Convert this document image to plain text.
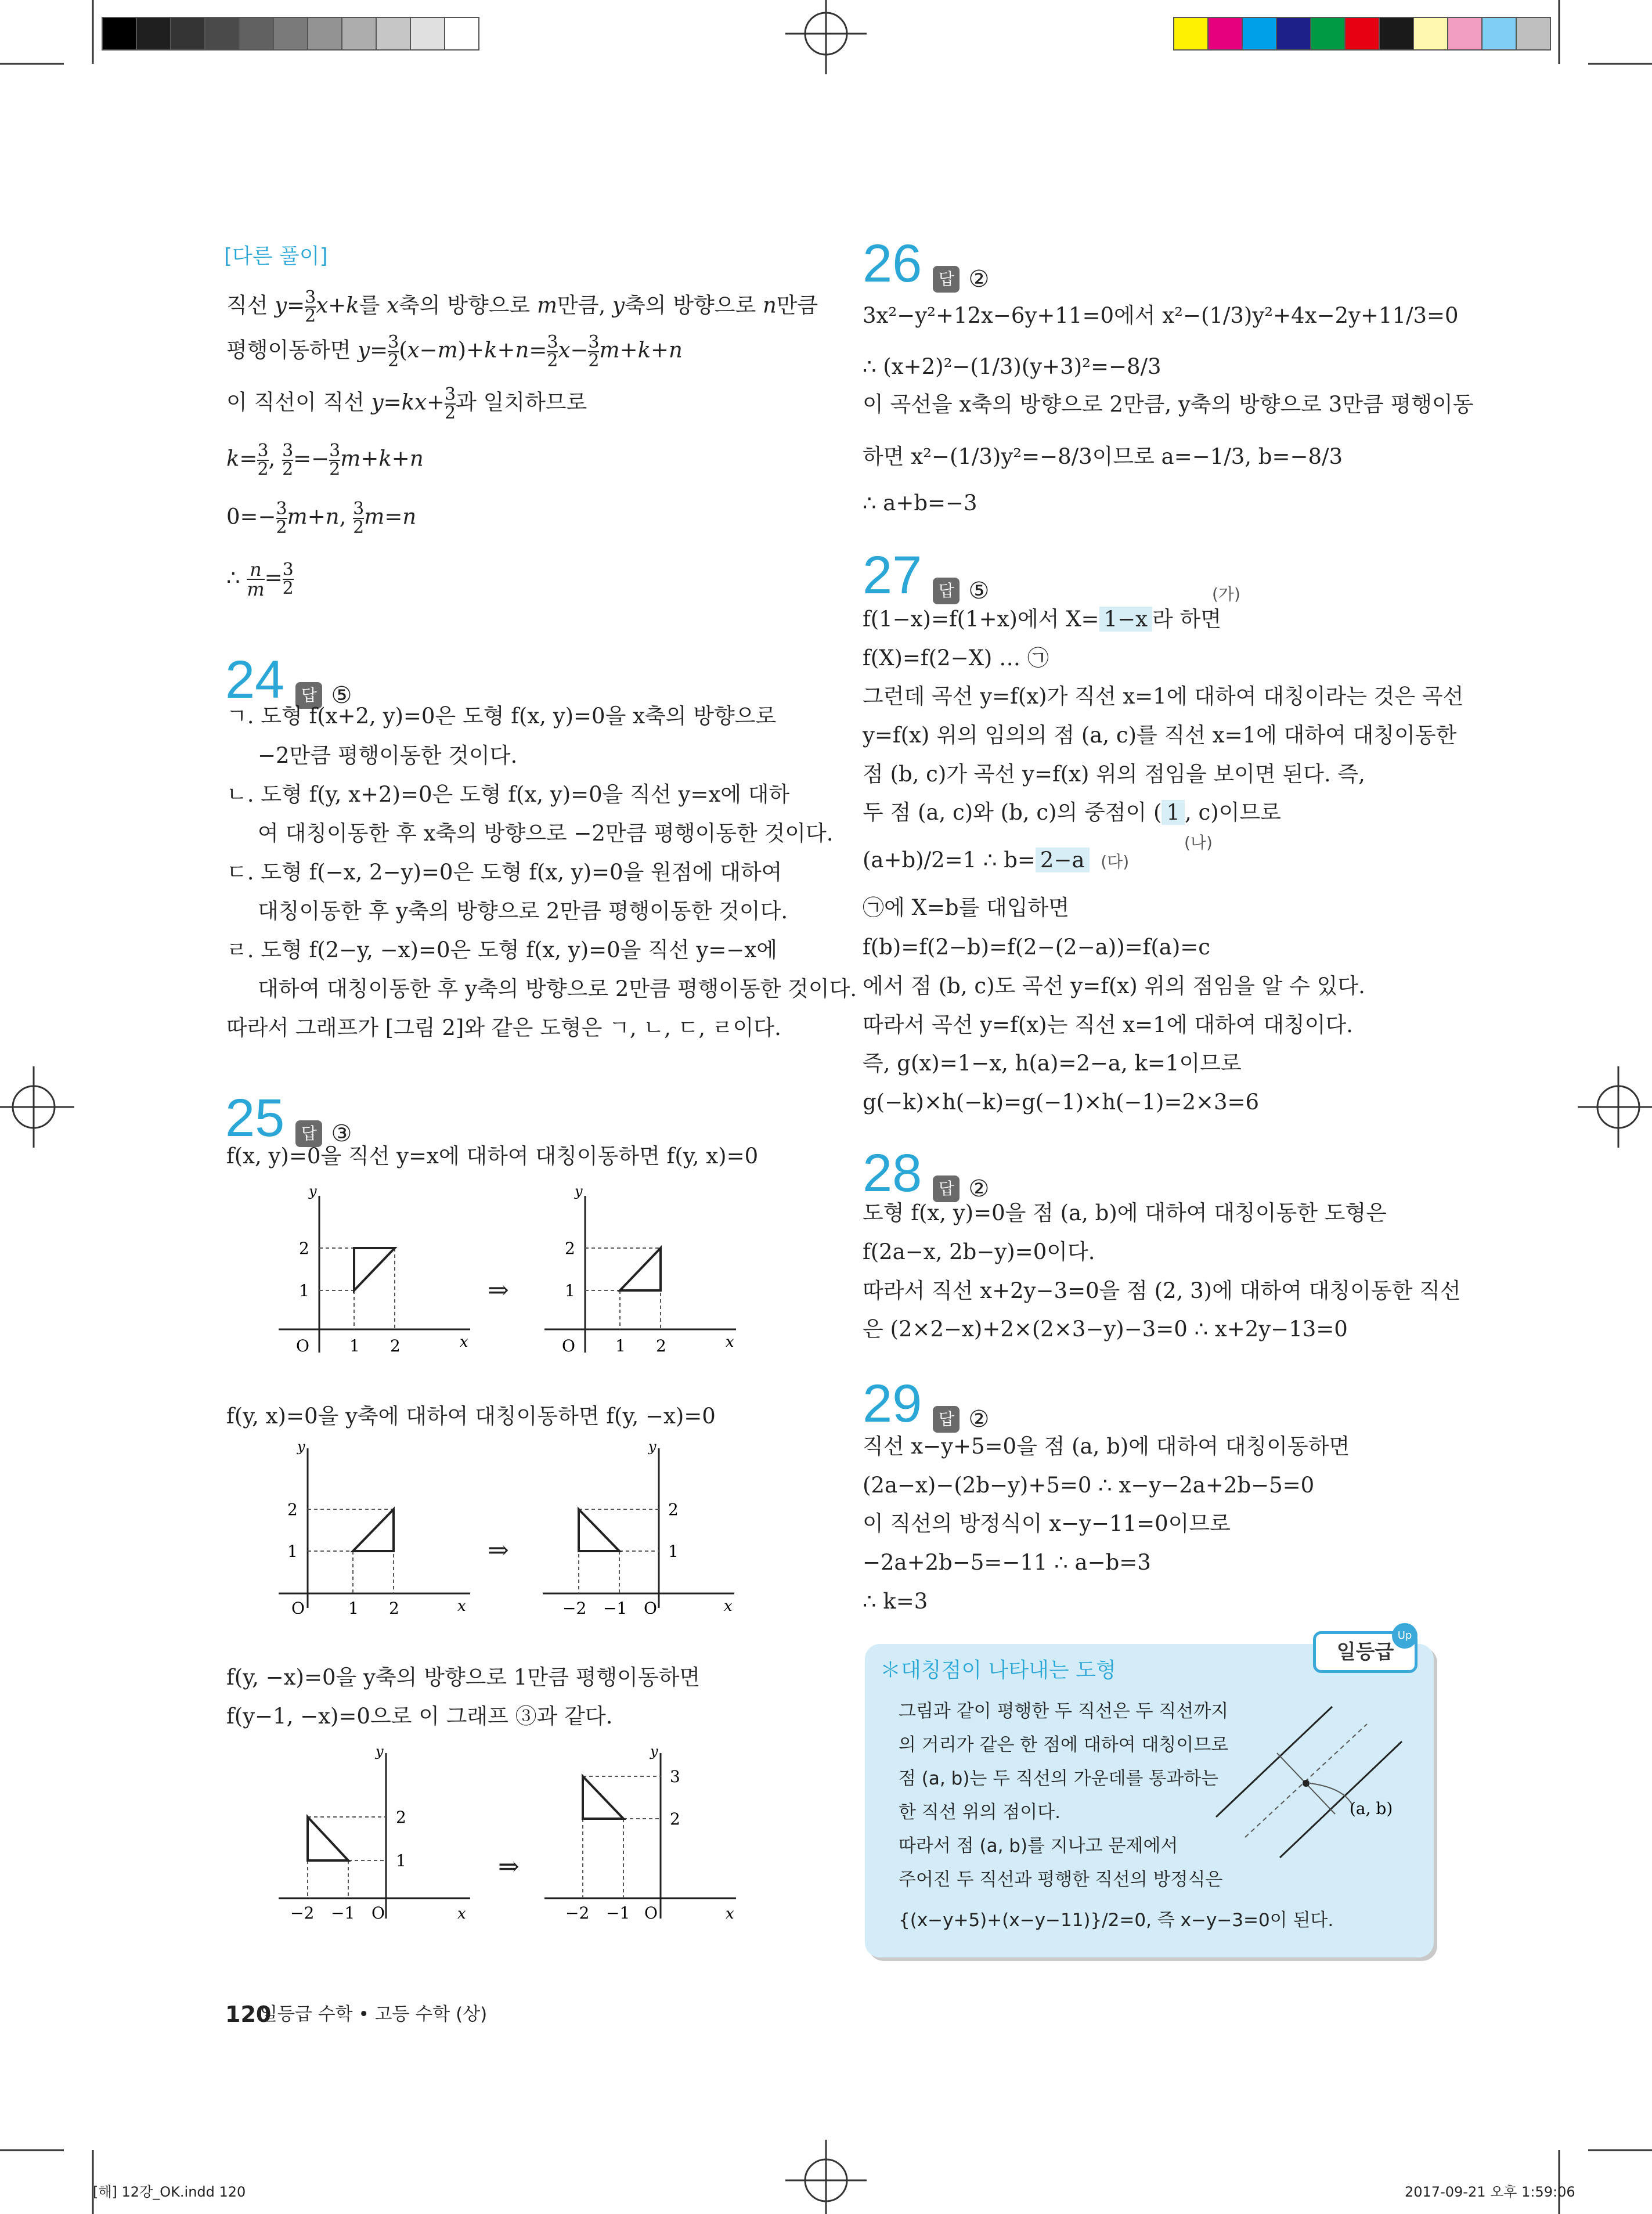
[다른 풀이]
직선 $y= \frac{3}{2} x+k$를 x축의 방향으로 m만큼, y축의 방향으로 n만큼
평행이동하면 $y= \frac{3}{2} (x-m)+k+n= \frac{3}{2} x- \frac{3}{2} m+k+n$
이 직선이 직선 $y=kx+ \frac{3}{2}$ 과 일치하므로
$k= \frac{3}{2}$ , $\frac{3}{2} =- \frac{3}{2} m+k+n$
$0=- \frac{3}{2} m+n$, $\frac{3}{2} m=n$
∴ $\frac{n}{m} = \frac{3}{2}$
24 답 ⑤
ㄱ. 도형 f(x+2, y)=0은 도형 f(x, y)=0을 x축의 방향으로
−2만큼 평행이동한 것이다.
ㄴ. 도형 f(y, x+2)=0은 도형 f(x, y)=0을 직선 y=x에 대하
여 대칭이동한 후 x축의 방향으로 −2만큼 평행이동한 것이다.
ㄷ. 도형 f(−x, 2−y)=0은 도형 f(x, y)=0을 원점에 대하여
대칭이동한 후 y축의 방향으로 2만큼 평행이동한 것이다.
ㄹ. 도형 f(2−y, −x)=0은 도형 f(x, y)=0을 직선 y=−x에
대하여 대칭이동한 후 y축의 방향으로 2만큼 평행이동한 것이다.
따라서 그래프가 [그림 2]와 같은 도형은 ㄱ, ㄴ, ㄷ, ㄹ이다.
25 답 ③
f(x, y)=0을 직선 y=x에 대하여 대칭이동하면 f(y, x)=0
y
x
O 1 2
1
2
⇒
y
x
O 1 2
1
2
f(y, x)=0을 y축에 대하여 대칭이동하면 f(y, −x)=0
y
x
O	1 2
1
2
⇒
y
x
O
−2 −1
1
2
f(y, −x)=0을 y축의 방향으로 1만큼 평행이동하면
f(y−1, −x)=0으로 이 그래프 ③과 같다.
y
x
O
−2 −1
1
2
⇒
y
x
O
−2 −1
2
3
26 답 ②
3x²−y²+12x−6y+11=0에서 x²−(1/3)y²+4x−2y+11/3=0
∴ (x+2)²−(1/3)(y+3)²=−8/3
이 곡선을 x축의 방향으로 2만큼, y축의 방향으로 3만큼 평행이동
하면 x²−(1/3)y²=−8/3이므로 a=−1/3, b=−8/3
∴ a+b=−3
27 답 ⑤	(가)
f(1−x)=f(1+x)에서 X= 1−x 라 하면
f(X)=f(2−X) … ㉠
그런데 곡선 y=f(x)가 직선 x=1에 대하여 대칭이라는 것은 곡선
y=f(x) 위의 임의의 점 (a, c)를 직선 x=1에 대하여 대칭이동한
점 (b, c)가 곡선 y=f(x) 위의 점임을 보이면 된다. 즉,
두 점 (a, c)와 (b, c)의 중점이 ( 1 , c)이므로
(나)
(a+b)/2=1 ∴ b= 2−a (다)
㉠에 X=b를 대입하면
f(b)=f(2−b)=f(2−(2−a))=f(a)=c
에서 점 (b, c)도 곡선 y=f(x) 위의 점임을 알 수 있다.
따라서 곡선 y=f(x)는 직선 x=1에 대하여 대칭이다.
즉, g(x)=1−x, h(a)=2−a, k=1이므로
g(−k)×h(−k)=g(−1)×h(−1)=2×3=6
28 답 ②
도형 f(x, y)=0을 점 (a, b)에 대하여 대칭이동한 도형은
f(2a−x, 2b−y)=0이다.
따라서 직선 x+2y−3=0을 점 (2, 3)에 대하여 대칭이동한 직선
은 (2×2−x)+2×(2×3−y)−3=0 ∴ x+2y−13=0
29 답 ②
직선 x−y+5=0을 점 (a, b)에 대하여 대칭이동하면
(2a−x)−(2b−y)+5=0 ∴ x−y−2a+2b−5=0
이 직선의 방정식이 x−y−11=0이므로
−2a+2b−5=−11 ∴ a−b=3
∴ k=3
일등급
Up
＊대칭점이 나타내는 도형
그림과 같이 평행한 두 직선은 두 직선까지
의 거리가 같은 한 점에 대하여 대칭이므로
점 (a, b)는 두 직선의 가운데를 통과하는
한 직선 위의 점이다.
따라서 점 (a, b)를 지나고 문제에서
주어진 두 직선과 평행한 직선의 방정식은
{(x−y+5)+(x−y−11)}/2=0, 즉 x−y−3=0이 된다.
(a, b)
120
일등급 수학 • 고등 수학 (상)
[해] 12강_OK.indd 120	2017-09-21 오후 1:59:06
